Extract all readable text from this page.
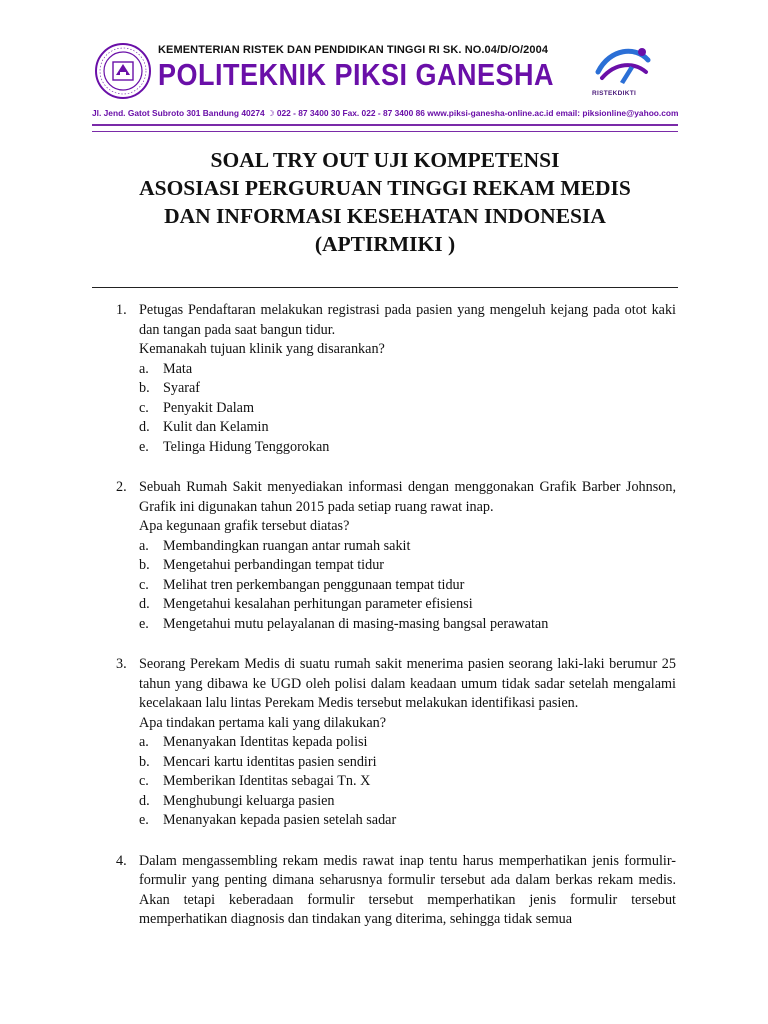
KEMENTERIAN RISTEK DAN PENDIDIKAN TINGGI RI SK. NO.04/D/O/2004
POLITEKNIK PIKSI GANESHA
RISTEKDIKTI
Jl. Jend. Gatot Subroto 301 Bandung 40274 ☽ 022 - 87 3400 30 Fax. 022 - 87 3400 86 www.piksi-ganesha-online.ac.id email: piksionline@yahoo.com
SOAL TRY OUT UJI KOMPETENSI
ASOSIASI PERGURUAN TINGGI REKAM MEDIS
DAN INFORMASI KESEHATAN INDONESIA
(APTIRMIKI )
1. Petugas Pendaftaran melakukan registrasi pada pasien yang mengeluh kejang pada otot kaki dan tangan pada saat bangun tidur.
Kemanakah tujuan klinik yang disarankan?
a. Mata
b. Syaraf
c. Penyakit Dalam
d. Kulit dan Kelamin
e. Telinga Hidung Tenggorokan
2. Sebuah Rumah Sakit menyediakan informasi dengan menggonakan Grafik Barber Johnson, Grafik ini digunakan tahun 2015 pada setiap ruang rawat inap.
Apa kegunaan grafik tersebut diatas?
a. Membandingkan ruangan antar rumah sakit
b. Mengetahui perbandingan tempat tidur
c. Melihat tren perkembangan penggunaan tempat tidur
d. Mengetahui kesalahan perhitungan parameter efisiensi
e. Mengetahui mutu pelayalanan di masing-masing bangsal perawatan
3. Seorang Perekam Medis di suatu rumah sakit menerima pasien seorang laki-laki berumur 25 tahun yang dibawa ke UGD oleh polisi dalam keadaan umum tidak sadar setelah mengalami kecelakaan lalu lintas Perekam Medis tersebut melakukan identifikasi pasien.
Apa tindakan pertama kali yang dilakukan?
a. Menanyakan Identitas kepada polisi
b. Mencari kartu identitas pasien sendiri
c. Memberikan Identitas sebagai Tn. X
d. Menghubungi keluarga pasien
e. Menanyakan kepada pasien setelah sadar
4. Dalam mengassembling rekam medis rawat inap tentu harus memperhatikan jenis formulir-formulir yang penting dimana seharusnya formulir tersebut ada dalam berkas rekam medis. Akan tetapi keberadaan formulir tersebut memperhatikan jenis formulir tersebut memperhatikan diagnosis dan tindakan yang diterima, sehingga tidak semua
